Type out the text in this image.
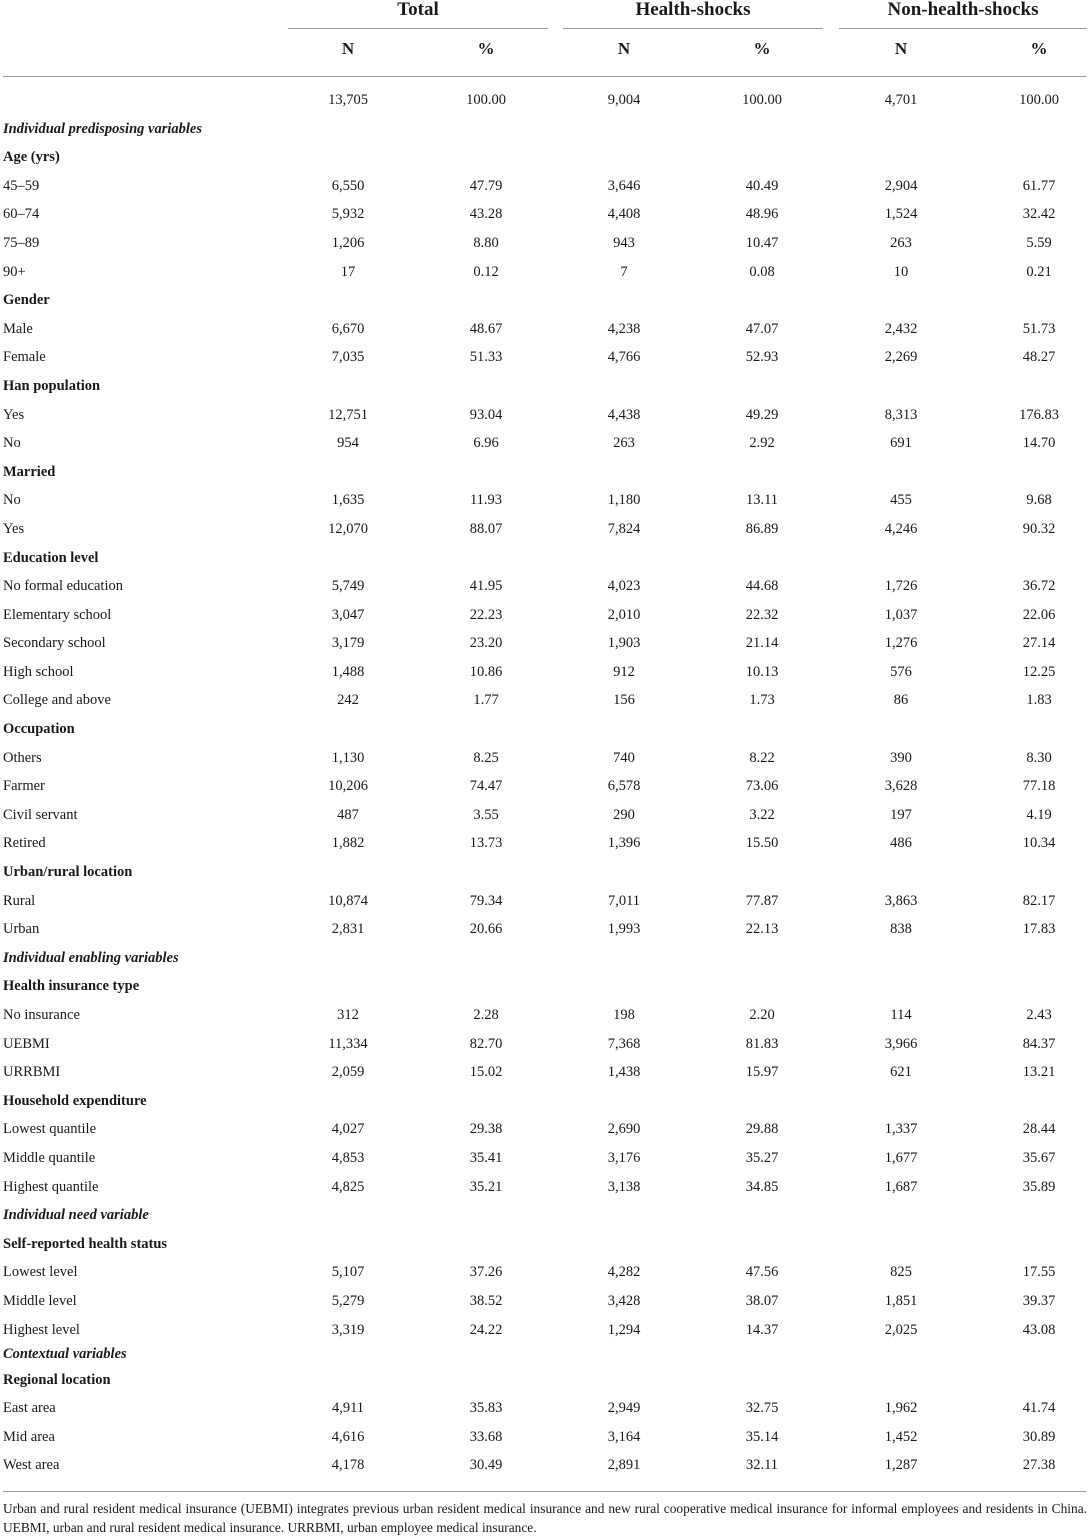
Total	Health-shocks	Non-health-shocks
N	%	N	%	N	%
13,705	100.00	9,004	100.00	4,701	100.00
Individual predisposing variables
Age (yrs)
45–59	6,550	47.79	3,646	40.49	2,904	61.77
60–74	5,932	43.28	4,408	48.96	1,524	32.42
75–89	1,206	8.80	943	10.47	263	5.59
90+	17	0.12	7	0.08	10	0.21
Gender
Male	6,670	48.67	4,238	47.07	2,432	51.73
Female	7,035	51.33	4,766	52.93	2,269	48.27
Han population
Yes	12,751	93.04	4,438	49.29	8,313	176.83
No	954	6.96	263	2.92	691	14.70
Married
No	1,635	11.93	1,180	13.11	455	9.68
Yes	12,070	88.07	7,824	86.89	4,246	90.32
Education level
No formal education	5,749	41.95	4,023	44.68	1,726	36.72
Elementary school	3,047	22.23	2,010	22.32	1,037	22.06
Secondary school	3,179	23.20	1,903	21.14	1,276	27.14
High school	1,488	10.86	912	10.13	576	12.25
College and above	242	1.77	156	1.73	86	1.83
Occupation
Others	1,130	8.25	740	8.22	390	8.30
Farmer	10,206	74.47	6,578	73.06	3,628	77.18
Civil servant	487	3.55	290	3.22	197	4.19
Retired	1,882	13.73	1,396	15.50	486	10.34
Urban/rural location
Rural	10,874	79.34	7,011	77.87	3,863	82.17
Urban	2,831	20.66	1,993	22.13	838	17.83
Individual enabling variables
Health insurance type
No insurance	312	2.28	198	2.20	114	2.43
UEBMI	11,334	82.70	7,368	81.83	3,966	84.37
URRBMI	2,059	15.02	1,438	15.97	621	13.21
Household expenditure
Lowest quantile	4,027	29.38	2,690	29.88	1,337	28.44
Middle quantile	4,853	35.41	3,176	35.27	1,677	35.67
Highest quantile	4,825	35.21	3,138	34.85	1,687	35.89
Individual need variable
Self-reported health status
Lowest level	5,107	37.26	4,282	47.56	825	17.55
Middle level	5,279	38.52	3,428	38.07	1,851	39.37
Highest level	3,319	24.22	1,294	14.37	2,025	43.08
Contextual variables
Regional location
East area	4,911	35.83	2,949	32.75	1,962	41.74
Mid area	4,616	33.68	3,164	35.14	1,452	30.89
West area	4,178	30.49	2,891	32.11	1,287	27.38
Urban and rural resident medical insurance (UEBMI) integrates previous urban resident medical insurance and new rural cooperative medical insurance for informal employees and residents in China. UEBMI, urban and rural resident medical insurance. URRBMI, urban employee medical insurance.
